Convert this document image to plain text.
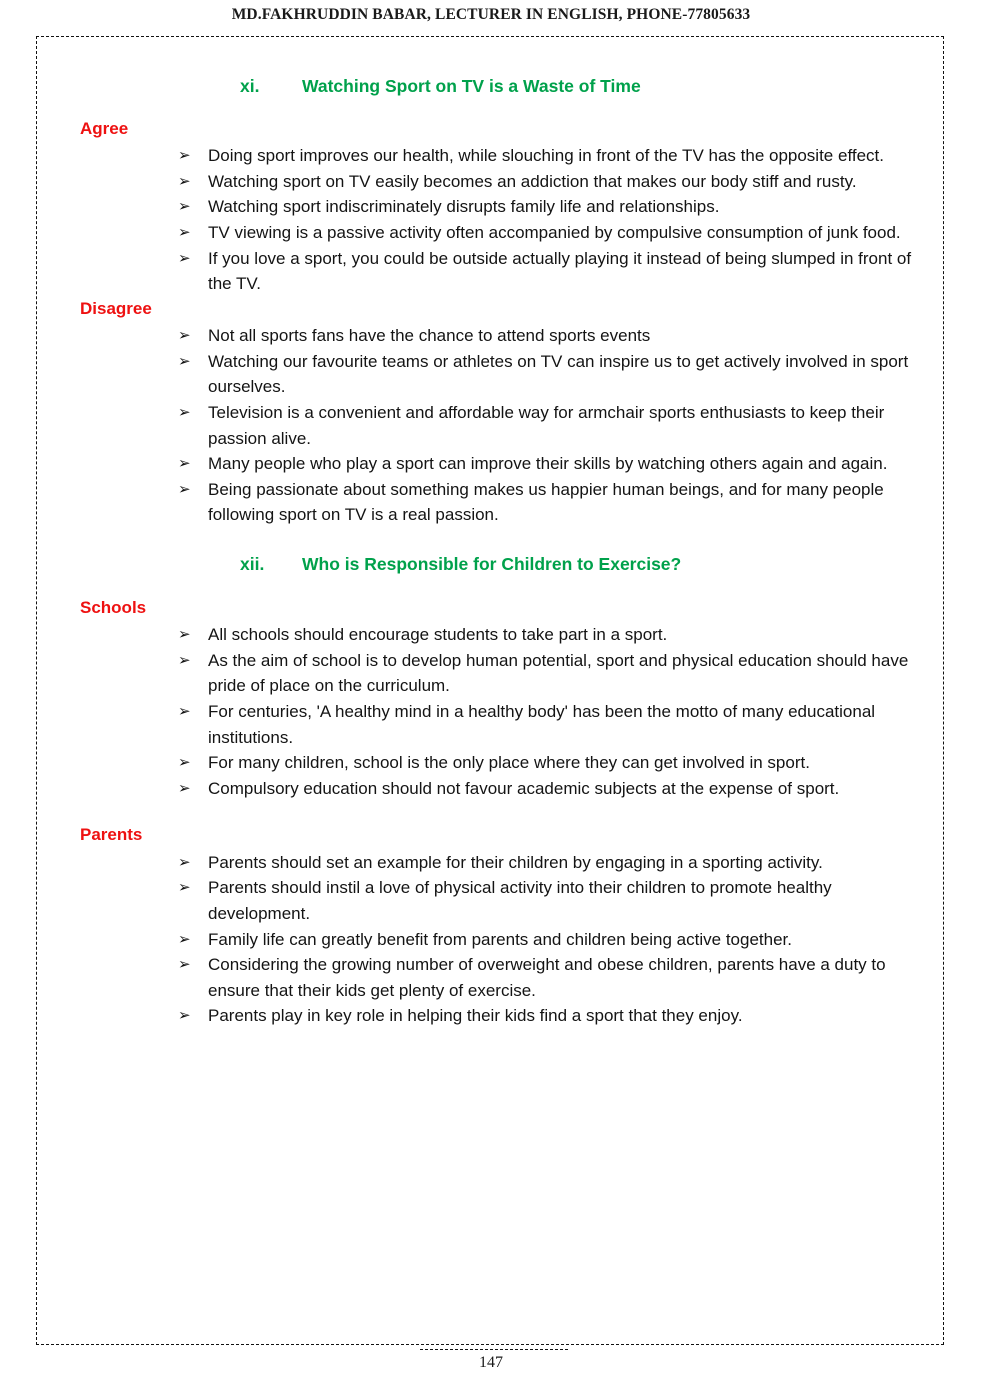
MD.FAKHRUDDIN BABAR, LECTURER IN ENGLISH, PHONE-77805633
xi.	Watching Sport on TV is a Waste of Time
Agree
➢ Doing sport improves our health, while slouching in front of the TV has the opposite effect.
➢ Watching sport on TV easily becomes an addiction that makes our body stiff and rusty.
➢ Watching sport indiscriminately disrupts family life and relationships.
➢ TV viewing is a passive activity often accompanied by compulsive consumption of junk food.
➢ If you love a sport, you could be outside actually playing it instead of being slumped in front of the TV.
Disagree
➢ Not all sports fans have the chance to attend sports events
➢ Watching our favourite teams or athletes on TV can inspire us to get actively involved in sport ourselves.
➢ Television is a convenient and affordable way for armchair sports enthusiasts to keep their passion alive.
➢ Many people who play a sport can improve their skills by watching others again and again.
➢ Being passionate about something makes us happier human beings, and for many people following sport on TV is a real passion.
xii.	Who is Responsible for Children to Exercise?
Schools
➢ All schools should encourage students to take part in a sport.
➢ As the aim of school is to develop human potential, sport and physical education should have pride of place on the curriculum.
➢ For centuries, 'A healthy mind in a healthy body' has been the motto of many educational institutions.
➢ For many children, school is the only place where they can get involved in sport.
➢ Compulsory education should not favour academic subjects at the expense of sport.
Parents
➢ Parents should set an example for their children by engaging in a sporting activity.
➢ Parents should instil a love of physical activity into their children to promote healthy development.
➢ Family life can greatly benefit from parents and children being active together.
➢ Considering the growing number of overweight and obese children, parents have a duty to ensure that their kids get plenty of exercise.
➢ Parents play in key role in helping their kids find a sport that they enjoy.
147
